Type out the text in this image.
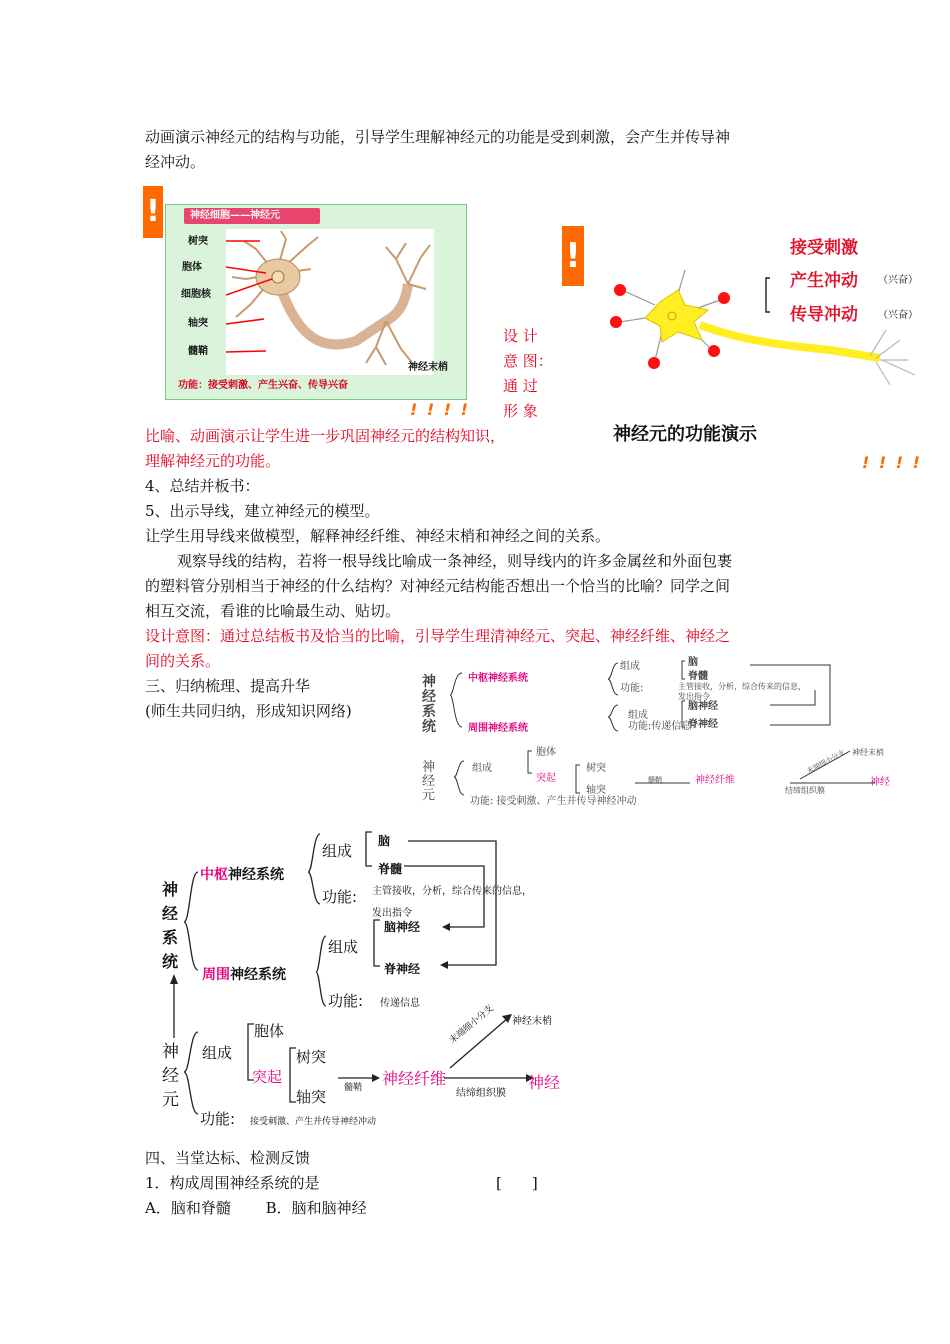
动画演示神经元的结构与功能，引导学生理解神经元的功能是受到刺激，会产生并传导神
经冲动。
!	神经细胞——神经元
树突
胞体
细胞核
轴突
髓鞘
神经末梢
功能：接受刺激、产生兴奋、传导兴奋
! ! ! !
设 计
意 图：
通 过
形 象
比喻、动画演示让学生进一步巩固神经元的结构知识，
理解神经元的功能。
!	接受刺激
产生冲动 （兴奋）
传导冲动 （兴奋）
神经元的功能演示
! ! ! !
4、总结并板书：
5、出示导线，建立神经元的模型。
让学生用导线来做模型，解释神经纤维、神经末梢和神经之间的关系。
观察导线的结构，若将一根导线比喻成一条神经，则导线内的许多金属丝和外面包裹
的塑料管分别相当于神经的什么结构？对神经元结构能否想出一个恰当的比喻？同学之间
相互交流，看谁的比喻最生动、贴切。
设计意图：通过总结板书及恰当的比喻，引导学生理清神经元、突起、神经纤维、神经之
间的关系。
三、归纳梳理、提高升华
(师生共同归纳，形成知识网络)
神经系统
神经元
中枢神经系统
周围神经系统
组成
功能:
脑
脊髓
主管接收，分析，综合传来的信息，
发出指令
组成
脑神经
脊神经
功能:传递信息
组成
胞体
突起
树突
轴突
髓鞘	神经纤维
末端细小分支 神经末梢
结缔组织膜
神经
功能: 接受刺激、产生并传导神经冲动
神经系统
中枢神经系统
周围神经系统
组成
功能:
脑
脊髓
主管接收，分析，综合传来的信息，
发出指令
组成
脑神经
脊神经
功能: 传递信息
神经元
组成
胞体
突起
树突
轴突 髓鞘 神经纤维
末端细小分支 神经末梢
结缔组织膜
神经
功能: 接受刺激、产生并传导神经冲动
四、当堂达标、检测反馈
1．构成周围神经系统的是	[　　]
A．脑和脊髓　　 B．脑和脑神经
